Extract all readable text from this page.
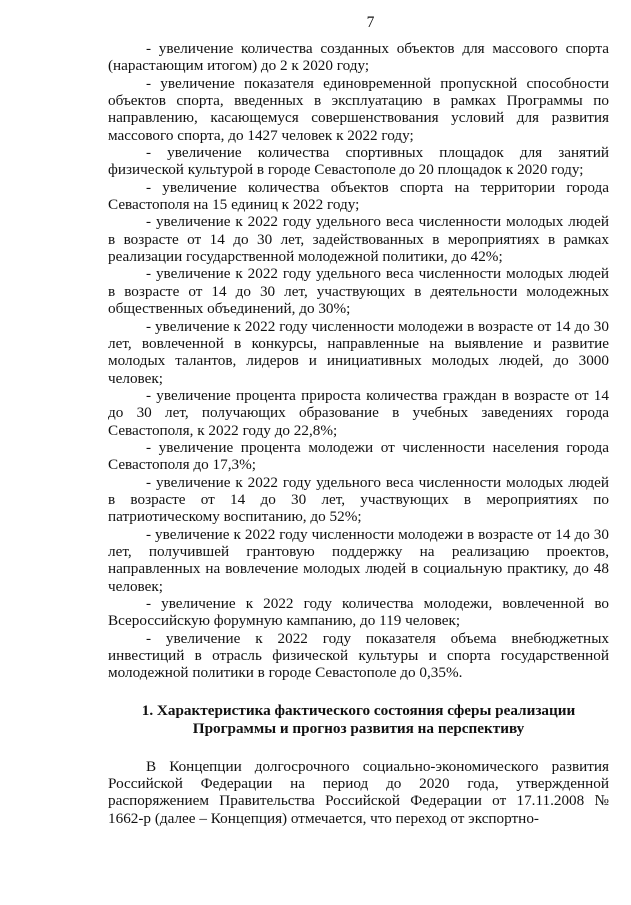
7

- увеличение количества созданных объектов для массового спорта (нарастающим итогом) до 2 к 2020 году;

- увеличение показателя единовременной пропускной способности объектов спорта, введенных в эксплуатацию в рамках Программы по направлению, касающемуся совершенствования условий для развития массового спорта, до 1427 человек к 2022 году;

- увеличение количества спортивных площадок для занятий физической культурой в городе Севастополе до 20 площадок к 2020 году;

- увеличение количества объектов спорта на территории города Севастополя на 15 единиц к 2022 году;

- увеличение к 2022 году удельного веса численности молодых людей в возрасте от 14 до 30 лет, задействованных в мероприятиях в рамках реализации государственной молодежной политики, до 42%;

- увеличение к 2022 году удельного веса численности молодых людей в возрасте от 14 до 30 лет, участвующих в деятельности молодежных общественных объединений, до 30%;

- увеличение к 2022 году численности молодежи в возрасте от 14 до 30 лет, вовлеченной в конкурсы, направленные на выявление и развитие молодых талантов, лидеров и инициативных молодых людей, до 3000 человек;

- увеличение процента прироста количества граждан в возрасте от 14 до 30 лет, получающих образование в учебных заведениях города Севастополя, к 2022 году до 22,8%;

- увеличение процента молодежи от численности населения города Севастополя до 17,3%;

- увеличение к 2022 году удельного веса численности молодых людей в возрасте от 14 до 30 лет, участвующих в мероприятиях по патриотическому воспитанию, до 52%;

- увеличение к 2022 году численности молодежи в возрасте от 14 до 30 лет, получившей грантовую поддержку на реализацию проектов, направленных на вовлечение молодых людей в социальную практику, до 48 человек;

- увеличение к 2022 году количества молодежи, вовлеченной во Всероссийскую форумную кампанию, до 119 человек;

- увеличение к 2022 году показателя объема внебюджетных инвестиций в отрасль физической культуры и спорта государственной молодежной политики в городе Севастополе до 0,35%.

1. Характеристика фактического состояния сферы реализации
Программы и прогноз развития на перспективу

В Концепции долгосрочного социально-экономического развития Российской Федерации на период до 2020 года, утвержденной распоряжением Правительства Российской Федерации от 17.11.2008 № 1662-р (далее – Концепция) отмечается, что переход от экспортно-
